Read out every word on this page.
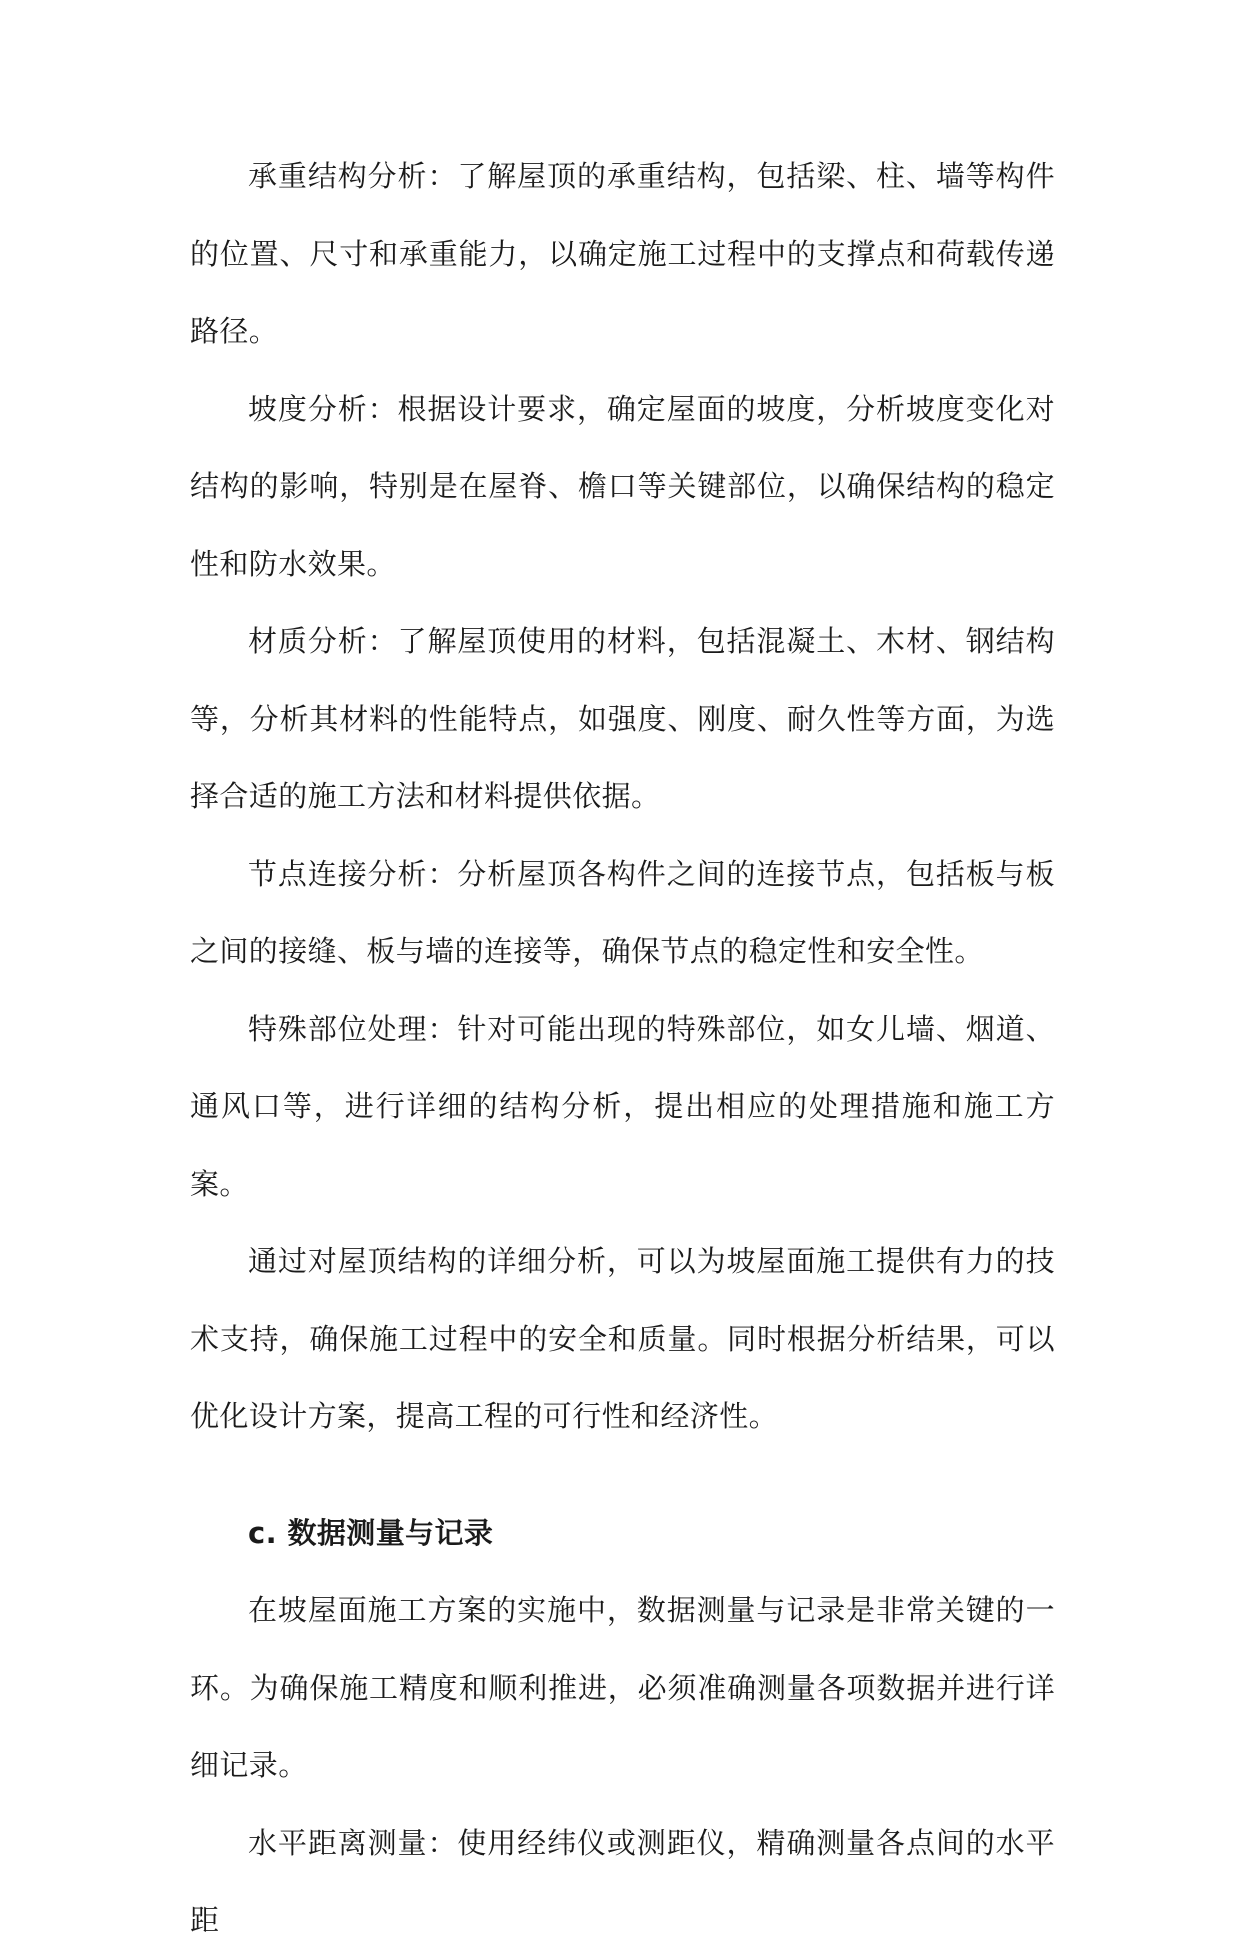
承重结构分析：了解屋顶的承重结构，包括梁、柱、墙等构件的位置、尺寸和承重能力，以确定施工过程中的支撑点和荷载传递路径。

坡度分析：根据设计要求，确定屋面的坡度，分析坡度变化对结构的影响，特别是在屋脊、檐口等关键部位，以确保结构的稳定性和防水效果。

材质分析：了解屋顶使用的材料，包括混凝土、木材、钢结构等，分析其材料的性能特点，如强度、刚度、耐久性等方面，为选择合适的施工方法和材料提供依据。

节点连接分析：分析屋顶各构件之间的连接节点，包括板与板之间的接缝、板与墙的连接等，确保节点的稳定性和安全性。

特殊部位处理：针对可能出现的特殊部位，如女儿墙、烟道、通风口等，进行详细的结构分析，提出相应的处理措施和施工方案。

通过对屋顶结构的详细分析，可以为坡屋面施工提供有力的技术支持，确保施工过程中的安全和质量。同时根据分析结果，可以优化设计方案，提高工程的可行性和经济性。

c. 数据测量与记录

在坡屋面施工方案的实施中，数据测量与记录是非常关键的一环。为确保施工精度和顺利推进，必须准确测量各项数据并进行详细记录。

水平距离测量：使用经纬仪或测距仪，精确测量各点间的水平距
